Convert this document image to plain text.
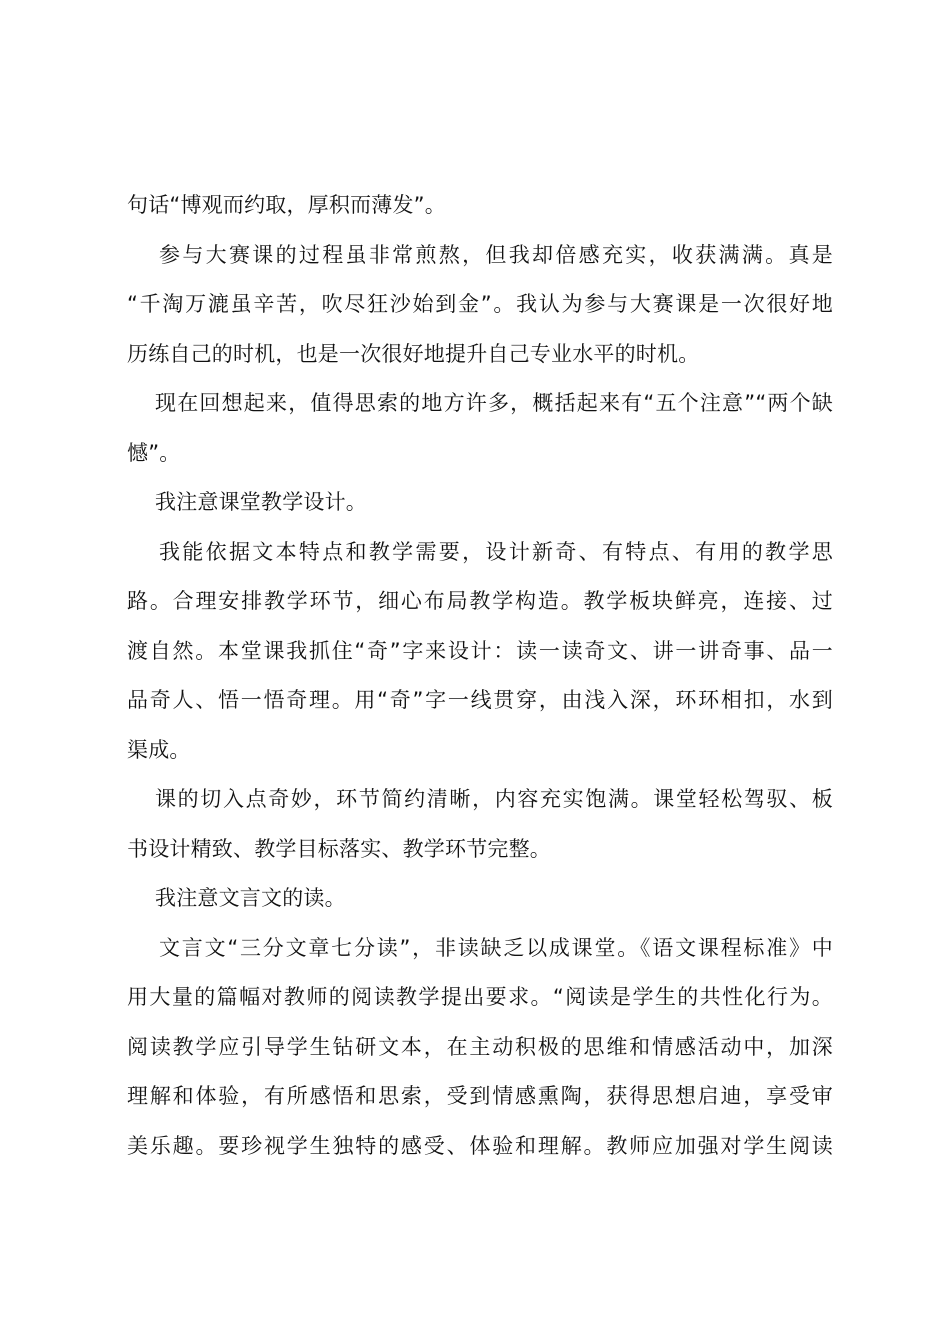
句话“博观而约取，厚积而薄发”。

参与大赛课的过程虽非常煎熬，但我却倍感充实，收获满满。真是

“千淘万漉虽辛苦，吹尽狂沙始到金”。我认为参与大赛课是一次很好地

历练自己的时机，也是一次很好地提升自己专业水平的时机。

现在回想起来，值得思索的地方许多，概括起来有“五个注意”“两个缺

憾”。

我注意课堂教学设计。

我能依据文本特点和教学需要，设计新奇、有特点、有用的教学思

路。合理安排教学环节，细心布局教学构造。教学板块鲜亮，连接、过

渡自然。本堂课我抓住“奇”字来设计：读一读奇文、讲一讲奇事、品一

品奇人、悟一悟奇理。用“奇”字一线贯穿，由浅入深，环环相扣，水到

渠成。

课的切入点奇妙，环节简约清晰，内容充实饱满。课堂轻松驾驭、板

书设计精致、教学目标落实、教学环节完整。

我注意文言文的读。

文言文“三分文章七分读”，非读缺乏以成课堂。《语文课程标准》中

用大量的篇幅对教师的阅读教学提出要求。“阅读是学生的共性化行为。

阅读教学应引导学生钻研文本，在主动积极的思维和情感活动中，加深

理解和体验，有所感悟和思索，受到情感熏陶，获得思想启迪，享受审

美乐趣。要珍视学生独特的感受、体验和理解。教师应加强对学生阅读
